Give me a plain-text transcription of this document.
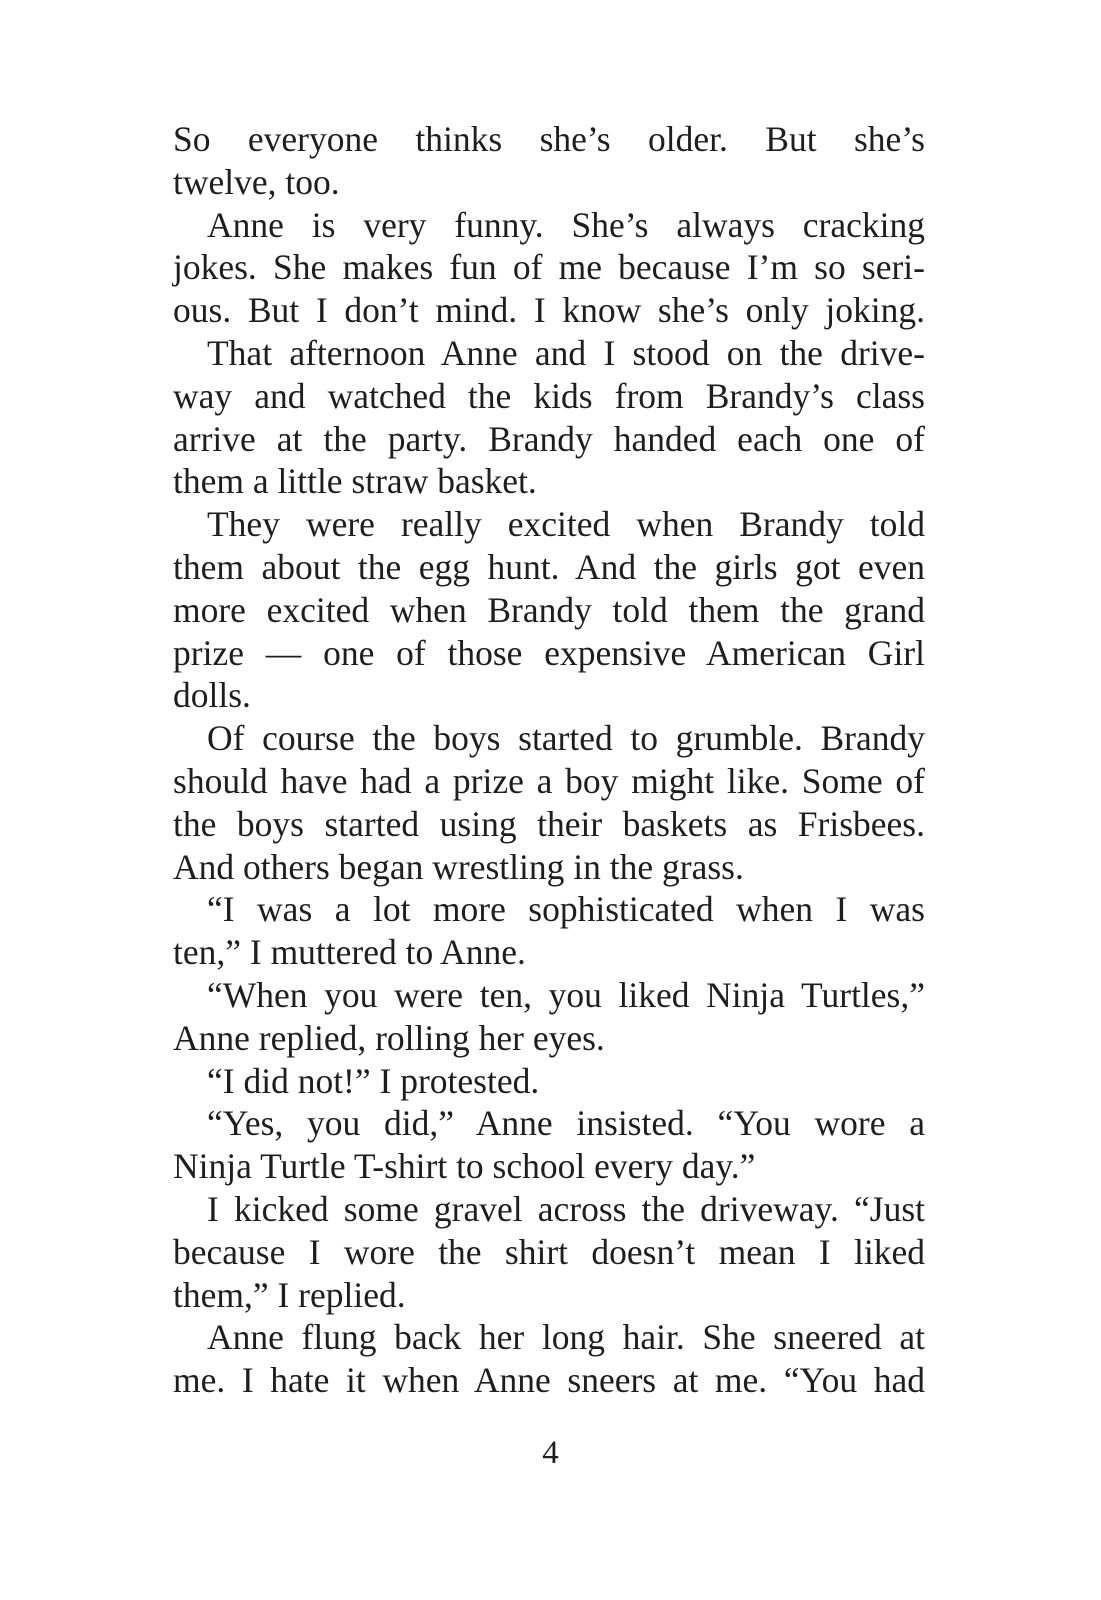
So everyone thinks she’s older. But she’s
twelve, too.
Anne is very funny. She’s always cracking
jokes. She makes fun of me because I’m so seri-
ous. But I don’t mind. I know she’s only joking.
That afternoon Anne and I stood on the drive-
way and watched the kids from Brandy’s class
arrive at the party. Brandy handed each one of
them a little straw basket.
They were really excited when Brandy told
them about the egg hunt. And the girls got even
more excited when Brandy told them the grand
prize — one of those expensive American Girl
dolls.
Of course the boys started to grumble. Brandy
should have had a prize a boy might like. Some of
the boys started using their baskets as Frisbees.
And others began wrestling in the grass.
“I was a lot more sophisticated when I was
ten,” I muttered to Anne.
“When you were ten, you liked Ninja Turtles,”
Anne replied, rolling her eyes.
“I did not!” I protested.
“Yes, you did,” Anne insisted. “You wore a
Ninja Turtle T-shirt to school every day.”
I kicked some gravel across the driveway. “Just
because I wore the shirt doesn’t mean I liked
them,” I replied.
Anne flung back her long hair. She sneered at
me. I hate it when Anne sneers at me. “You had
4
